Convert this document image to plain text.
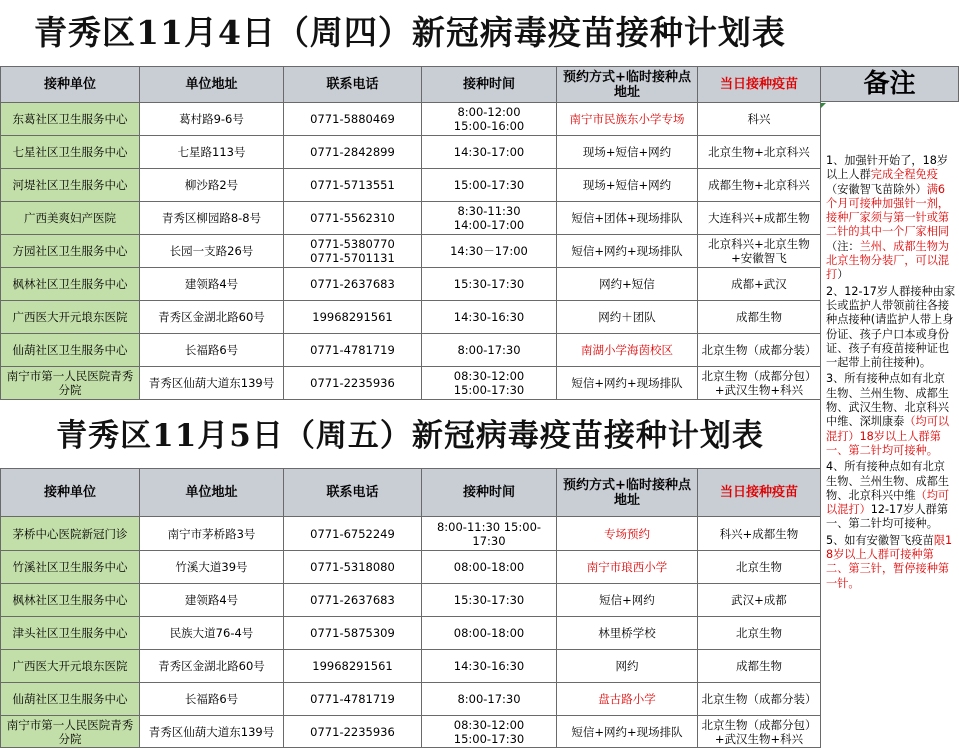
青秀区11月4日（周四）新冠病毒疫苗接种计划表
接种单位	单位地址	联系电话	接种时间	预约方式+临时接种点地址	当日接种疫苗
东葛社区卫生服务中心	葛村路9-6号	0771-5880469	8:00-12:00
15:00-16:00	南宁市民族东小学专场	科兴
七星社区卫生服务中心	七星路113号	0771-2842899	14:30-17:00	现场+短信+网约	北京生物+北京科兴
河堤社区卫生服务中心	柳沙路2号	0771-5713551	15:00-17:30	现场+短信+网约	成都生物+北京科兴
广西美爽妇产医院	青秀区柳园路8-8号	0771-5562310	8:30-11:30
14:00-17:00	短信+团体+现场排队	大连科兴+成都生物
方园社区卫生服务中心	长园一支路26号	0771-5380770
0771-5701131	14:30－17:00	短信+网约+现场排队	北京科兴+北京生物+安徽智飞
枫林社区卫生服务中心	建领路4号	0771-2637683	15:30-17:30	网约+短信	成都+武汉
广西医大开元埌东医院	青秀区金湖北路60号	19968291561	14:30-16:30	网约＋团队	成都生物
仙葫社区卫生服务中心	长福路6号	0771-4781719	8:00-17:30	南湖小学海茵校区	北京生物（成都分装）
南宁市第一人民医院青秀分院	青秀区仙葫大道东139号	0771-2235936	08:30-12:00
15:00-17:30	短信+网约+现场排队	北京生物（成都分包）+武汉生物+科兴
青秀区11月5日（周五）新冠病毒疫苗接种计划表
接种单位	单位地址	联系电话	接种时间	预约方式+临时接种点地址	当日接种疫苗
茅桥中心医院新冠门诊	南宁市茅桥路3号	0771-6752249	8:00-11:30 15:00-17:30	专场预约	科兴+成都生物
竹溪社区卫生服务中心	竹溪大道39号	0771-5318080	08:00-18:00	南宁市琅西小学	北京生物
枫林社区卫生服务中心	建领路4号	0771-2637683	15:30-17:30	短信+网约	武汉+成都
津头社区卫生服务中心	民族大道76-4号	0771-5875309	08:00-18:00	林里桥学校	北京生物
广西医大开元埌东医院	青秀区金湖北路60号	19968291561	14:30-16:30	网约	成都生物
仙葫社区卫生服务中心	长福路6号	0771-4781719	8:00-17:30	盘古路小学	北京生物（成都分装）
南宁市第一人民医院青秀分院	青秀区仙葫大道东139号	0771-2235936	08:30-12:00
15:00-17:30	短信+网约+现场排队	北京生物（成都分包）+武汉生物+科兴
备注

1、加强针开始了，18岁以上人群完成全程免疫（安徽智飞苗除外）满6个月可接种加强针一剂，接种厂家须与第一针或第二针的其中一个厂家相同（注：兰州、成都生物为北京生物分装厂，可以混打）

2、12-17岁人群接种由家长或监护人带领前往各接种点接种(请监护人带上身份证、孩子户口本或身份证、孩子有疫苗接种证也一起带上前往接种)。

3、所有接种点如有北京生物、兰州生物、成都生物、武汉生物、北京科兴中维、深圳康泰（均可以混打）18岁以上人群第一、第二针均可接种。

4、所有接种点如有北京生物、兰州生物、成都生物、北京科兴中维（均可以混打）12-17岁人群第一、第二针均可接种。

5、如有安徽智飞疫苗限18岁以上人群可接种第二、第三针，暂停接种第一针。
